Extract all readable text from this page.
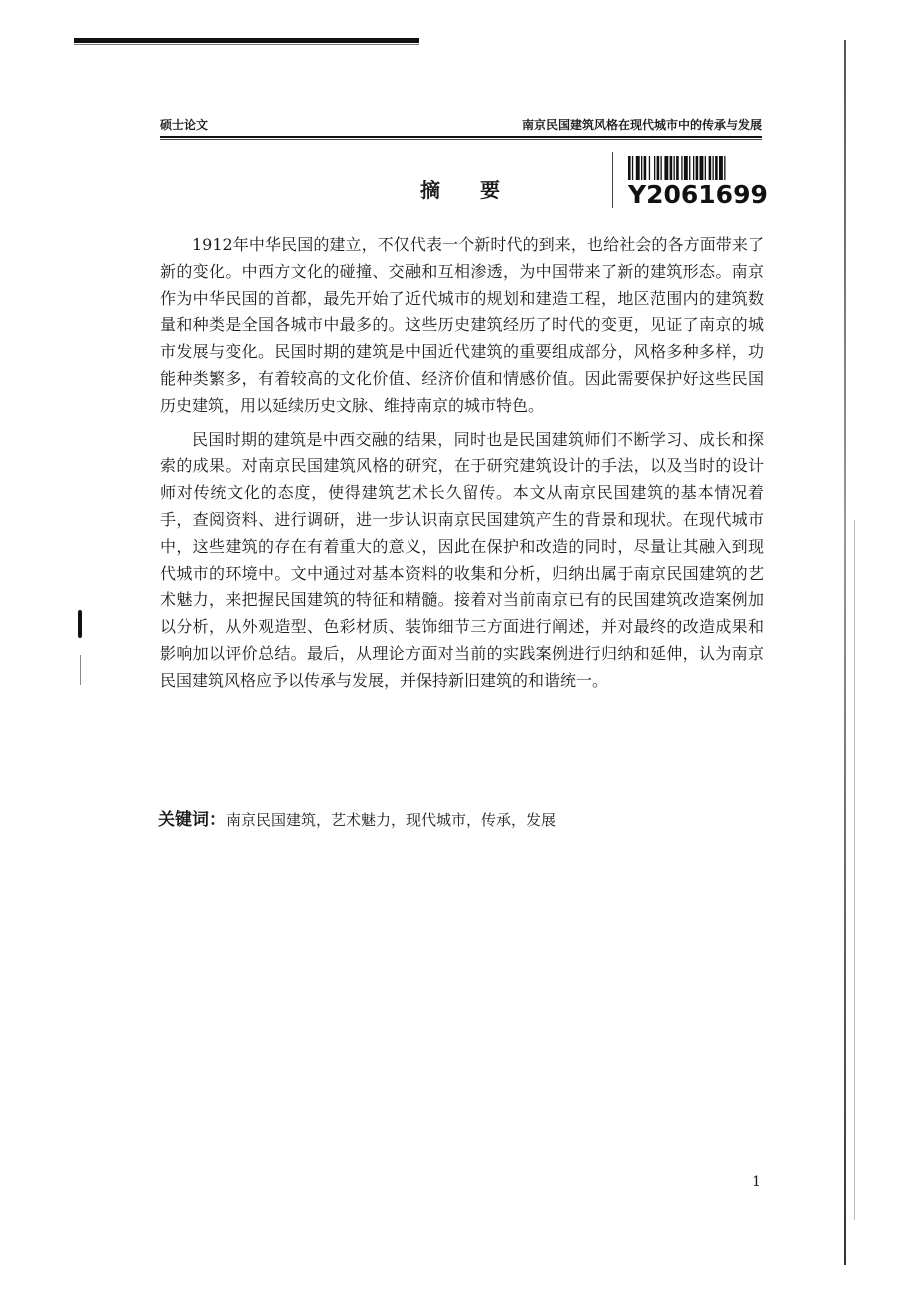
硕士论文	南京民国建筑风格在现代城市中的传承与发展
摘要	Y2061699

1912年中华民国的建立，不仅代表一个新时代的到来，也给社会的各方面带来了新的变化。中西方文化的碰撞、交融和互相渗透，为中国带来了新的建筑形态。南京作为中华民国的首都，最先开始了近代城市的规划和建造工程，地区范围内的建筑数量和种类是全国各城市中最多的。这些历史建筑经历了时代的变更，见证了南京的城市发展与变化。民国时期的建筑是中国近代建筑的重要组成部分，风格多种多样，功能种类繁多，有着较高的文化价值、经济价值和情感价值。因此需要保护好这些民国历史建筑，用以延续历史文脉、维持南京的城市特色。

民国时期的建筑是中西交融的结果，同时也是民国建筑师们不断学习、成长和探索的成果。对南京民国建筑风格的研究，在于研究建筑设计的手法，以及当时的设计师对传统文化的态度，使得建筑艺术长久留传。本文从南京民国建筑的基本情况着手，查阅资料、进行调研，进一步认识南京民国建筑产生的背景和现状。在现代城市中，这些建筑的存在有着重大的意义，因此在保护和改造的同时，尽量让其融入到现代城市的环境中。文中通过对基本资料的收集和分析，归纳出属于南京民国建筑的艺术魅力，来把握民国建筑的特征和精髓。接着对当前南京已有的民国建筑改造案例加以分析，从外观造型、色彩材质、装饰细节三方面进行阐述，并对最终的改造成果和影响加以评价总结。最后，从理论方面对当前的实践案例进行归纳和延伸，认为南京民国建筑风格应予以传承与发展，并保持新旧建筑的和谐统一。

关键词：南京民国建筑，艺术魅力，现代城市，传承，发展
1
